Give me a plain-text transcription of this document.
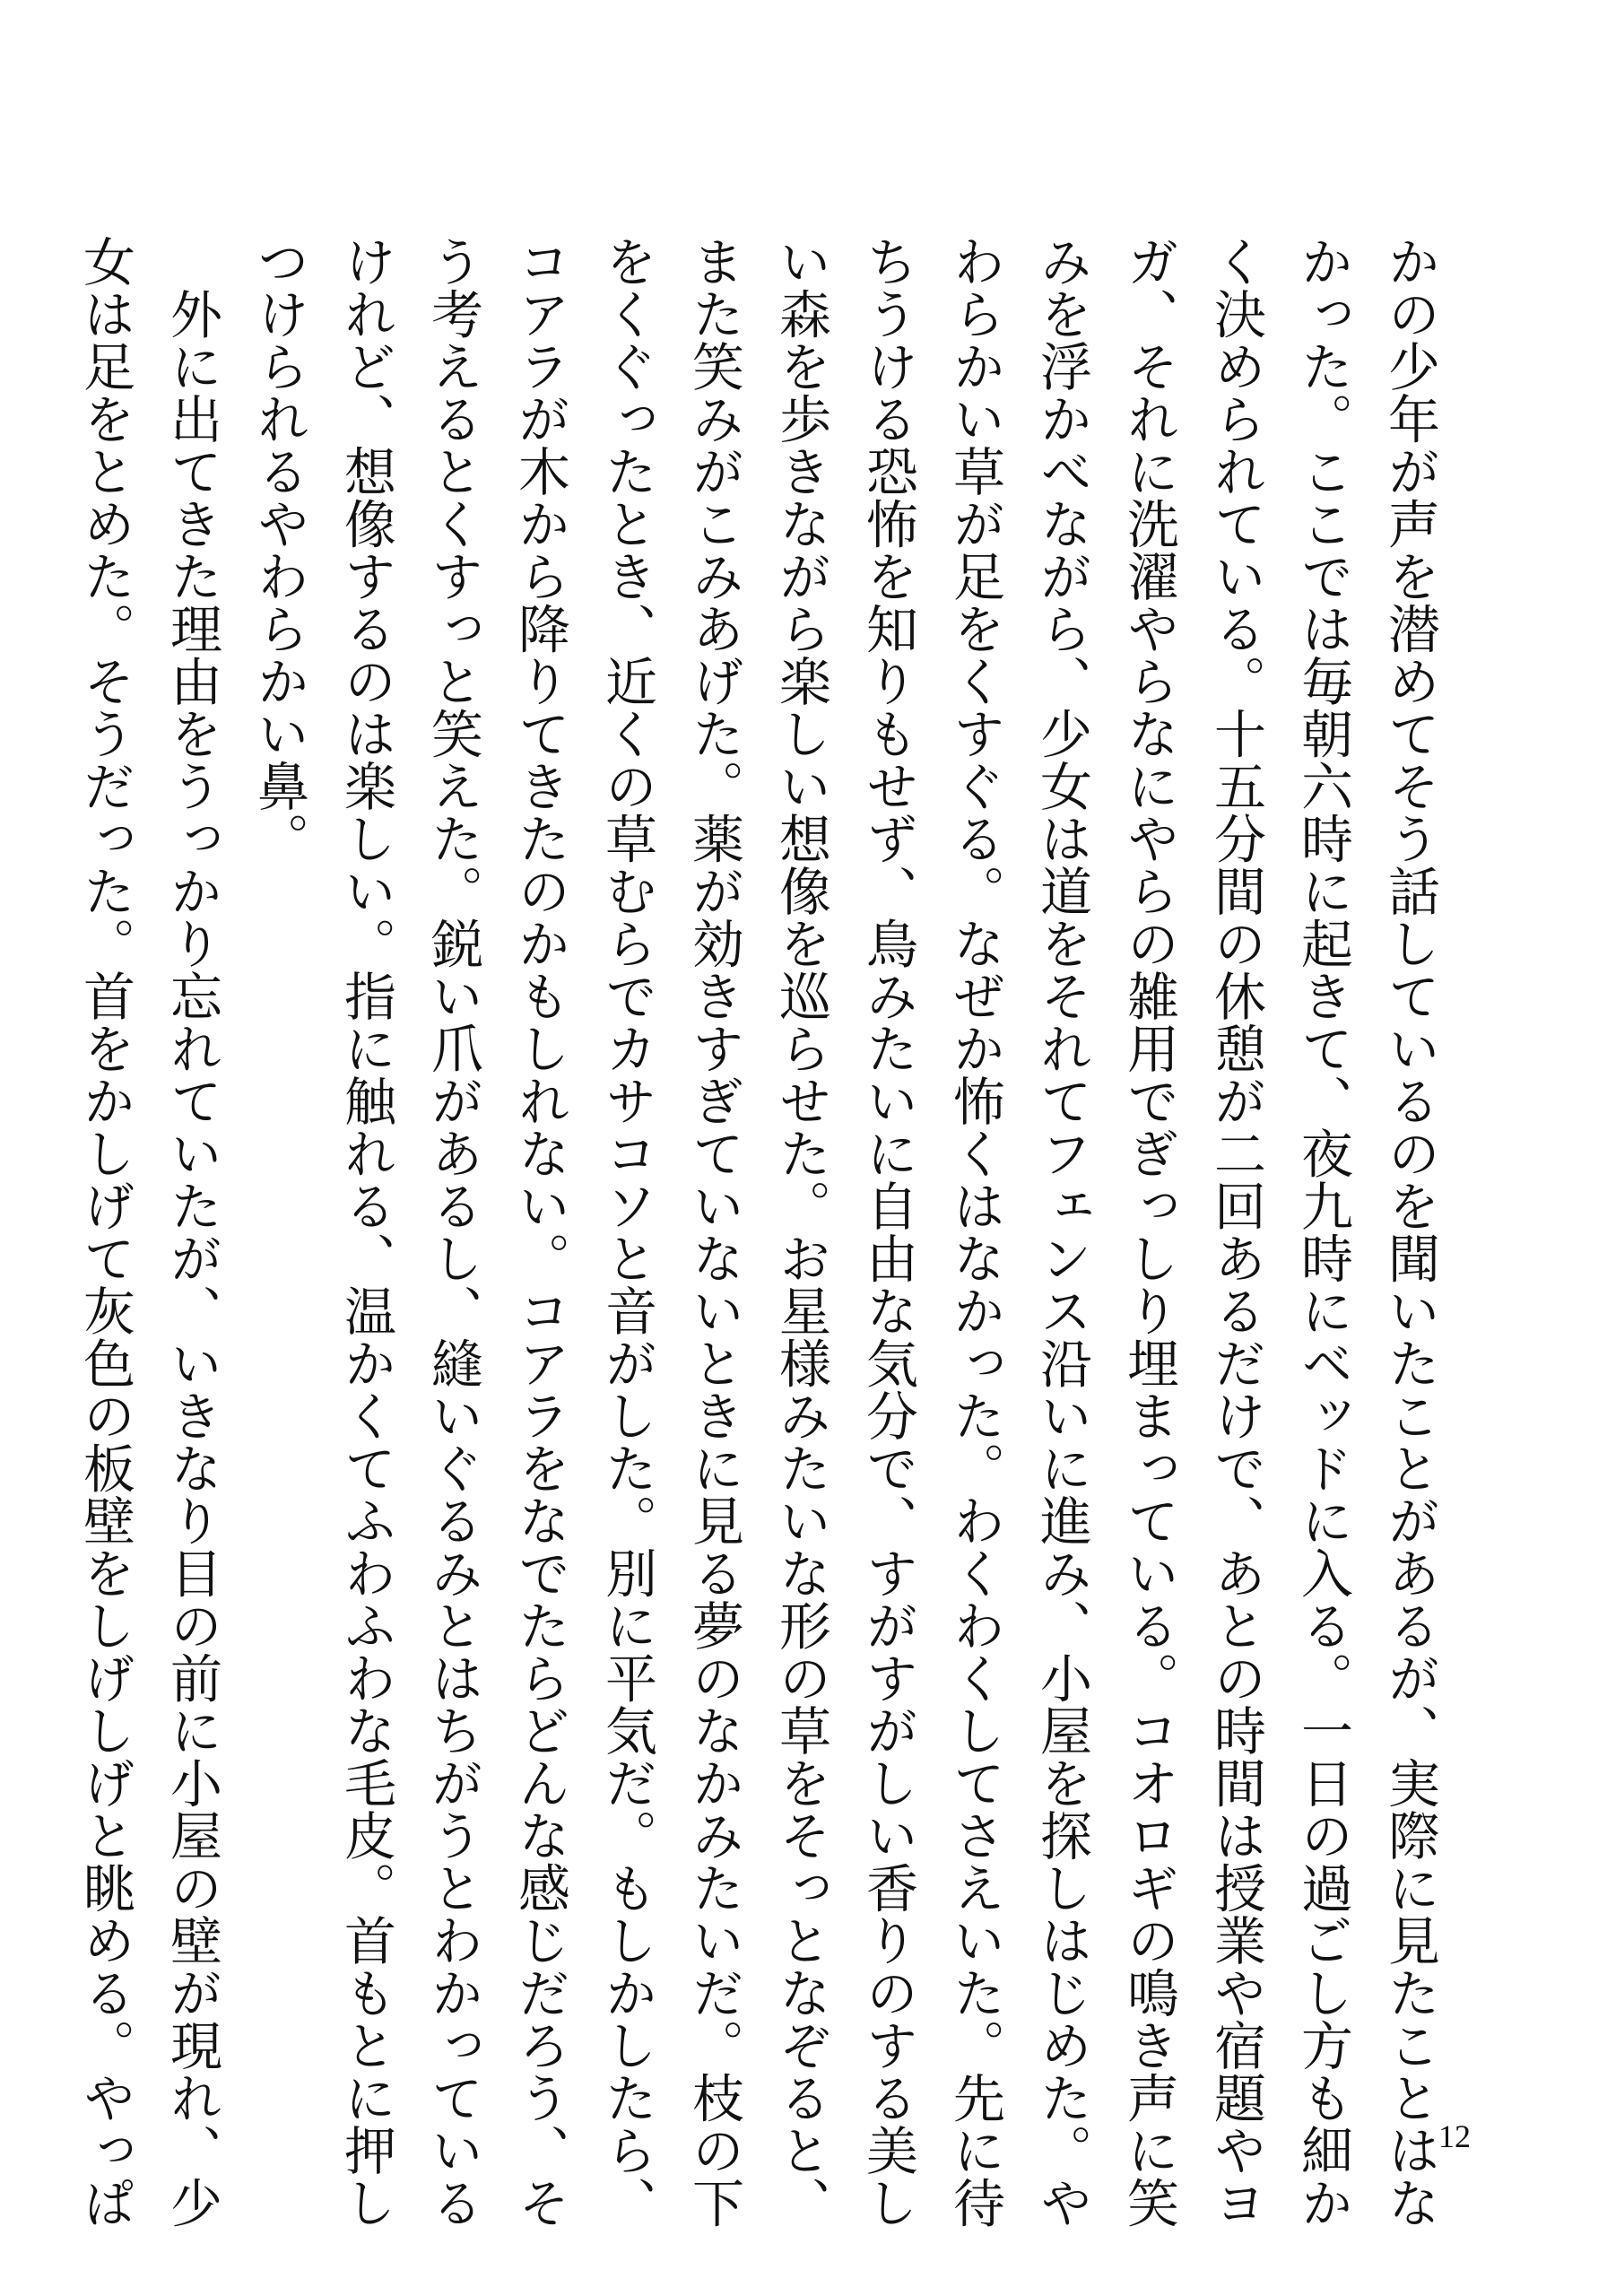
かの少年が声を潜めてそう話しているのを聞いたことがあるが、実際に見たことはな
かった。ここでは毎朝六時に起きて、夜九時にベッドに入る。一日の過ごし方も細か
く決められている。十五分間の休憩が二回あるだけで、あとの時間は授業や宿題やヨ
ガ、それに洗濯やらなにやらの雑用でぎっしり埋まっている。コオロギの鳴き声に笑
みを浮かべながら、少女は道をそれてフェンス沿いに進み、小屋を探しはじめた。や
わらかい草が足をくすぐる。なぜか怖くはなかった。わくわくしてさえいた。先に待
ちうける恐怖を知りもせず、鳥みたいに自由な気分で、すがすがしい香りのする美し
い森を歩きながら楽しい想像を巡らせた。お星様みたいな形の草をそっとなぞると、
また笑みがこみあげた。薬が効きすぎていないときに見る夢のなかみたいだ。枝の下
をくぐったとき、近くの草むらでカサコソと音がした。別に平気だ。もしかしたら、
コアラが木から降りてきたのかもしれない。コアラをなでたらどんな感じだろう、そ
う考えるとくすっと笑えた。鋭い爪があるし、縫いぐるみとはちがうとわかっている
けれど、想像するのは楽しい。指に触れる、温かくてふわふわな毛皮。首もとに押し
つけられるやわらかい鼻。
　外に出てきた理由をうっかり忘れていたが、いきなり目の前に小屋の壁が現れ、少
女は足をとめた。そうだった。首をかしげて灰色の板壁をしげしげと眺める。やっぱ	12
